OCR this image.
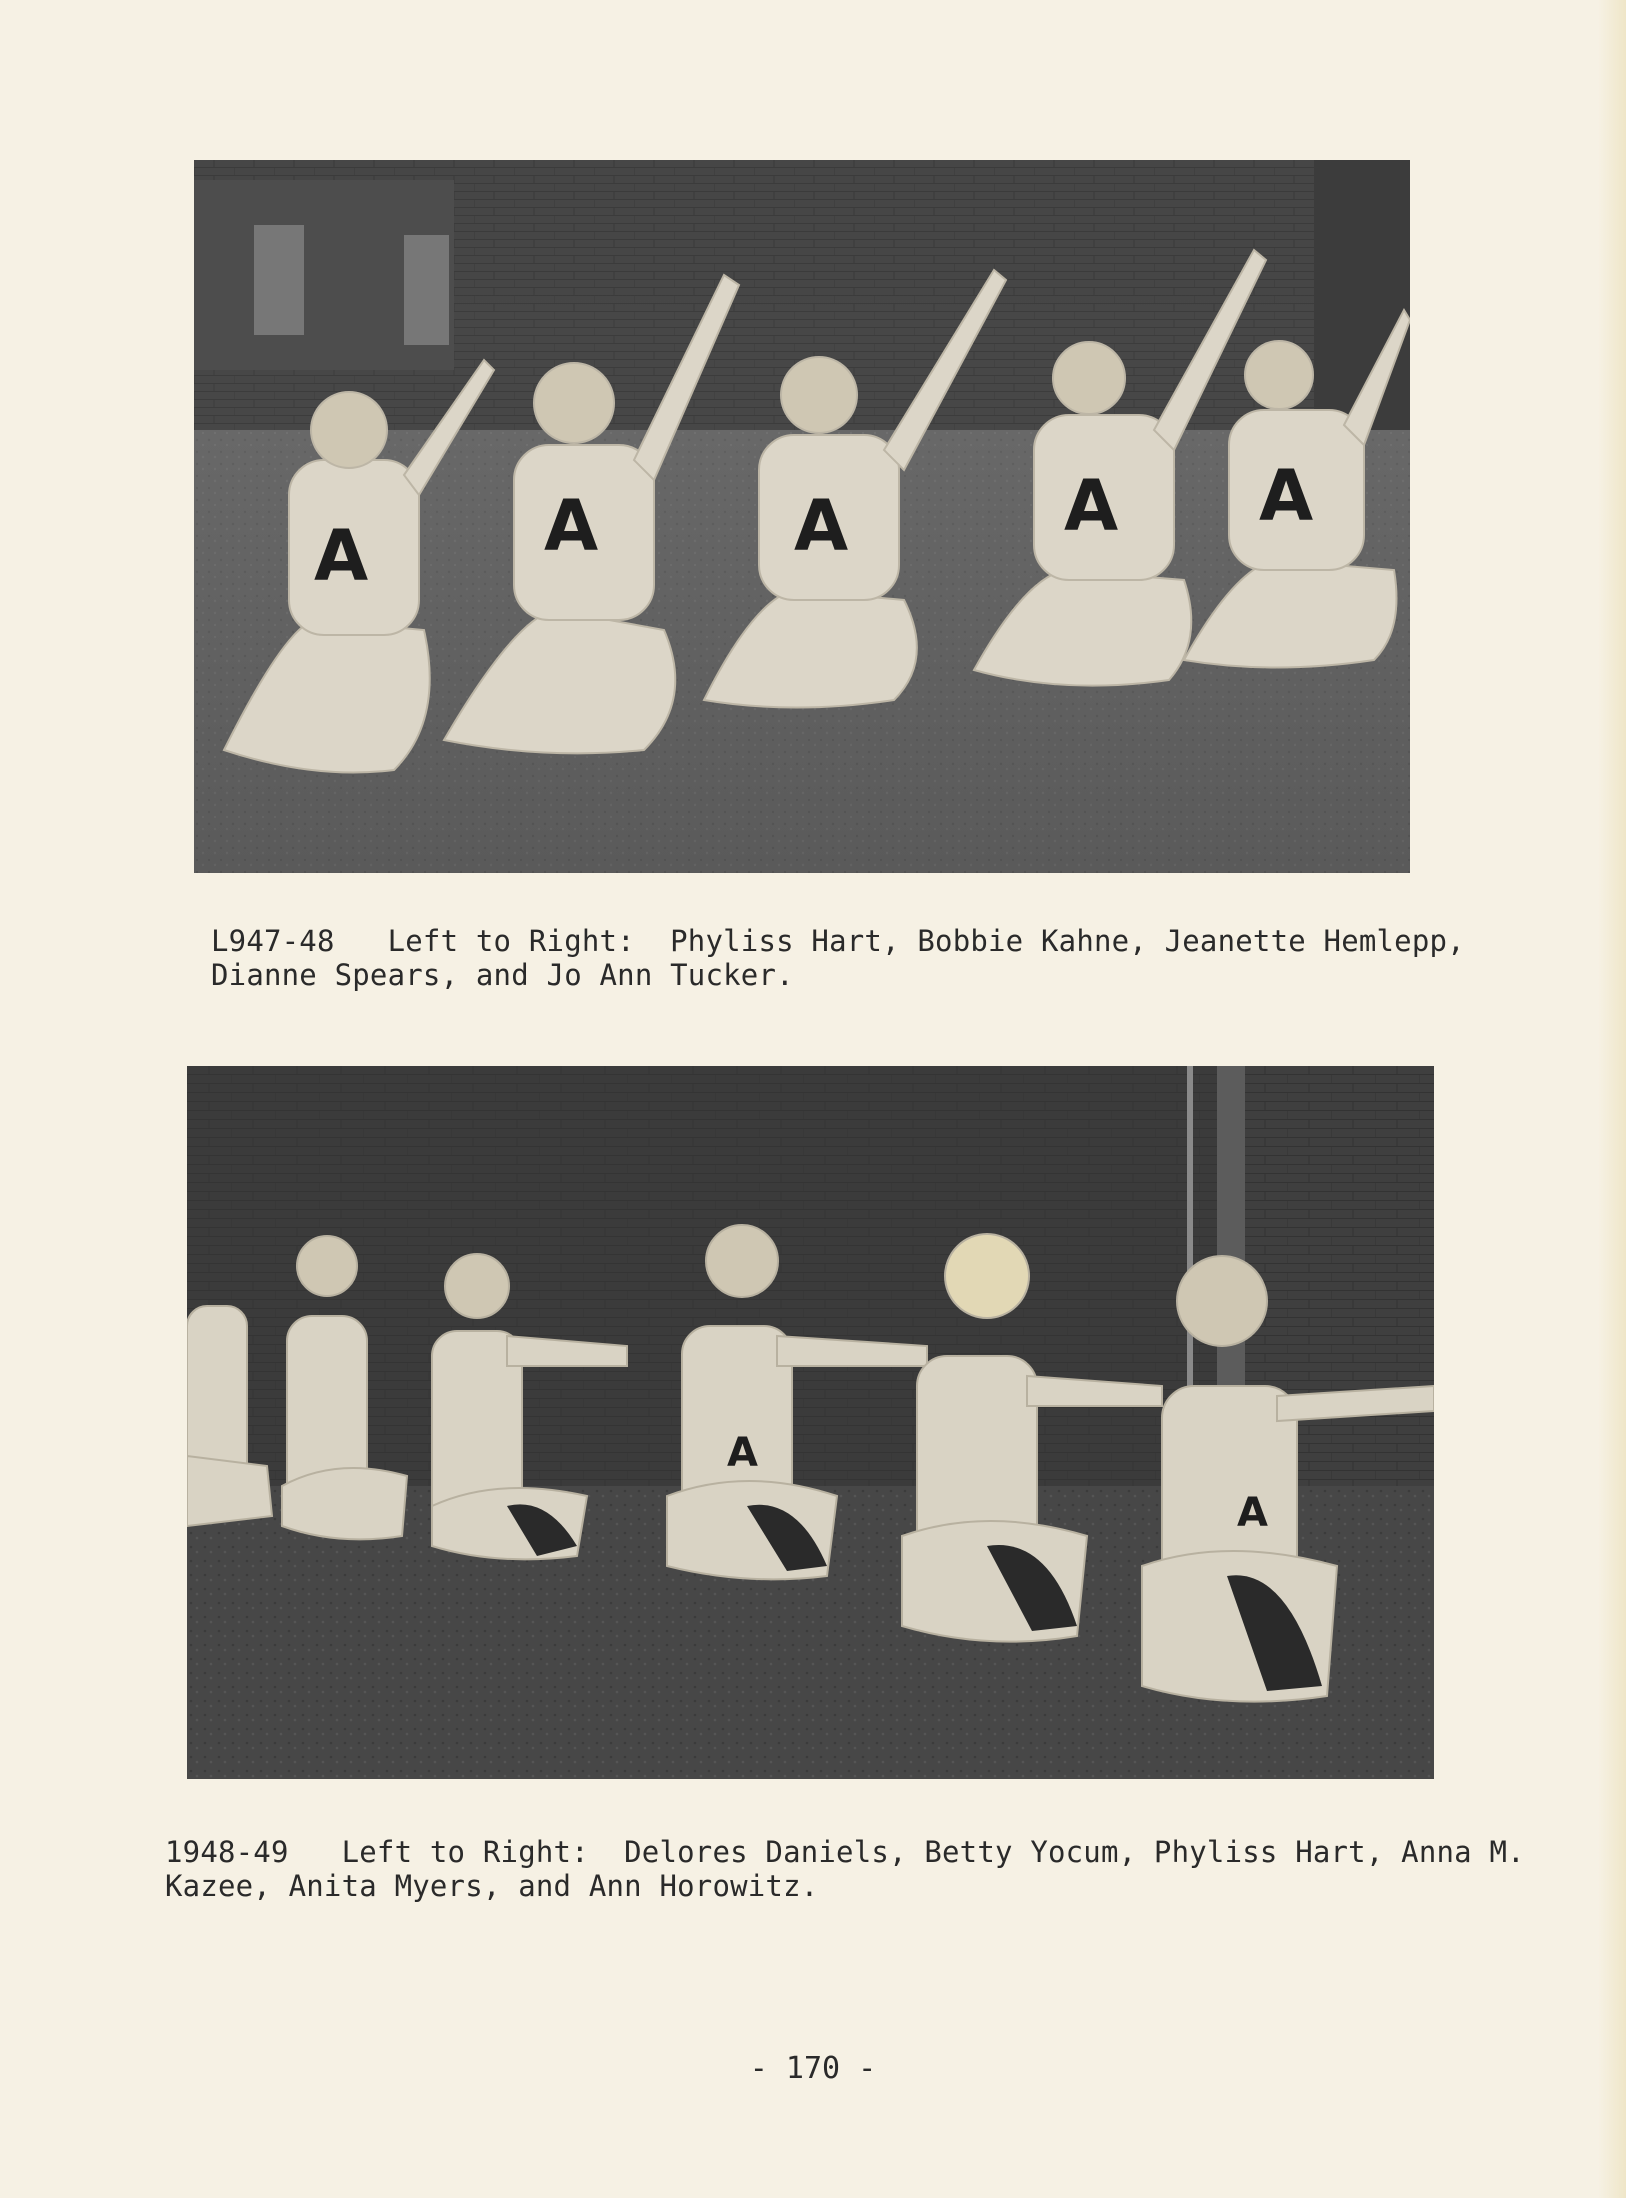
A	A	A	A A
L947-48   Left to Right:  Phyliss Hart, Bobbie Kahne, Jeanette Hemlepp,
Dianne Spears, and Jo Ann Tucker.
A
A
1948-49   Left to Right:  Delores Daniels, Betty Yocum, Phyliss Hart, Anna M.
Kazee, Anita Myers, and Ann Horowitz.
- 170 -
